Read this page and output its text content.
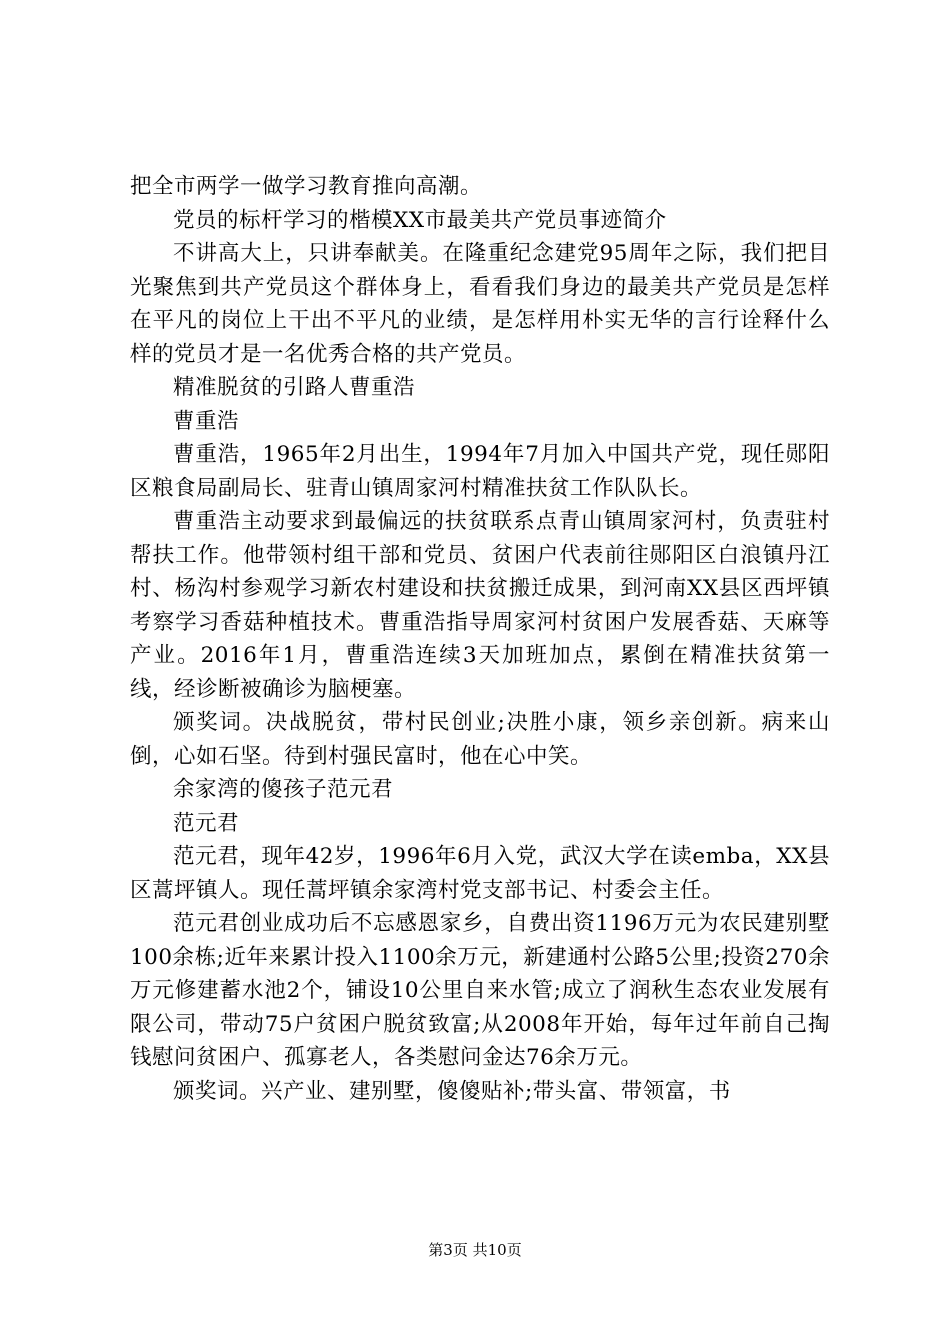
把全市两学一做学习教育推向高潮。

党员的标杆学习的楷模XX市最美共产党员事迹简介

不讲高大上，只讲奉献美。在隆重纪念建党95周年之际，我们把目光聚焦到共产党员这个群体身上，看看我们身边的最美共产党员是怎样在平凡的岗位上干出不平凡的业绩，是怎样用朴实无华的言行诠释什么样的党员才是一名优秀合格的共产党员。

精准脱贫的引路人曹重浩

曹重浩

曹重浩，1965年2月出生，1994年7月加入中国共产党，现任郧阳区粮食局副局长、驻青山镇周家河村精准扶贫工作队队长。

曹重浩主动要求到最偏远的扶贫联系点青山镇周家河村，负责驻村帮扶工作。他带领村组干部和党员、贫困户代表前往郧阳区白浪镇丹江村、杨沟村参观学习新农村建设和扶贫搬迁成果，到河南XX县区西坪镇考察学习香菇种植技术。曹重浩指导周家河村贫困户发展香菇、天麻等产业。2016年1月，曹重浩连续3天加班加点，累倒在精准扶贫第一线，经诊断被确诊为脑梗塞。

颁奖词。决战脱贫，带村民创业;决胜小康，领乡亲创新。病来山倒，心如石坚。待到村强民富时，他在心中笑。

余家湾的傻孩子范元君

范元君

范元君，现年42岁，1996年6月入党，武汉大学在读emba，XX县区蒿坪镇人。现任蒿坪镇余家湾村党支部书记、村委会主任。

范元君创业成功后不忘感恩家乡，自费出资1196万元为农民建别墅100余栋;近年来累计投入1100余万元，新建通村公路5公里;投资270余万元修建蓄水池2个，铺设10公里自来水管;成立了润秋生态农业发展有限公司，带动75户贫困户脱贫致富;从2008年开始，每年过年前自己掏钱慰问贫困户、孤寡老人，各类慰问金达76余万元。

颁奖词。兴产业、建别墅，傻傻贴补;带头富、带领富，书

第3页 共10页
